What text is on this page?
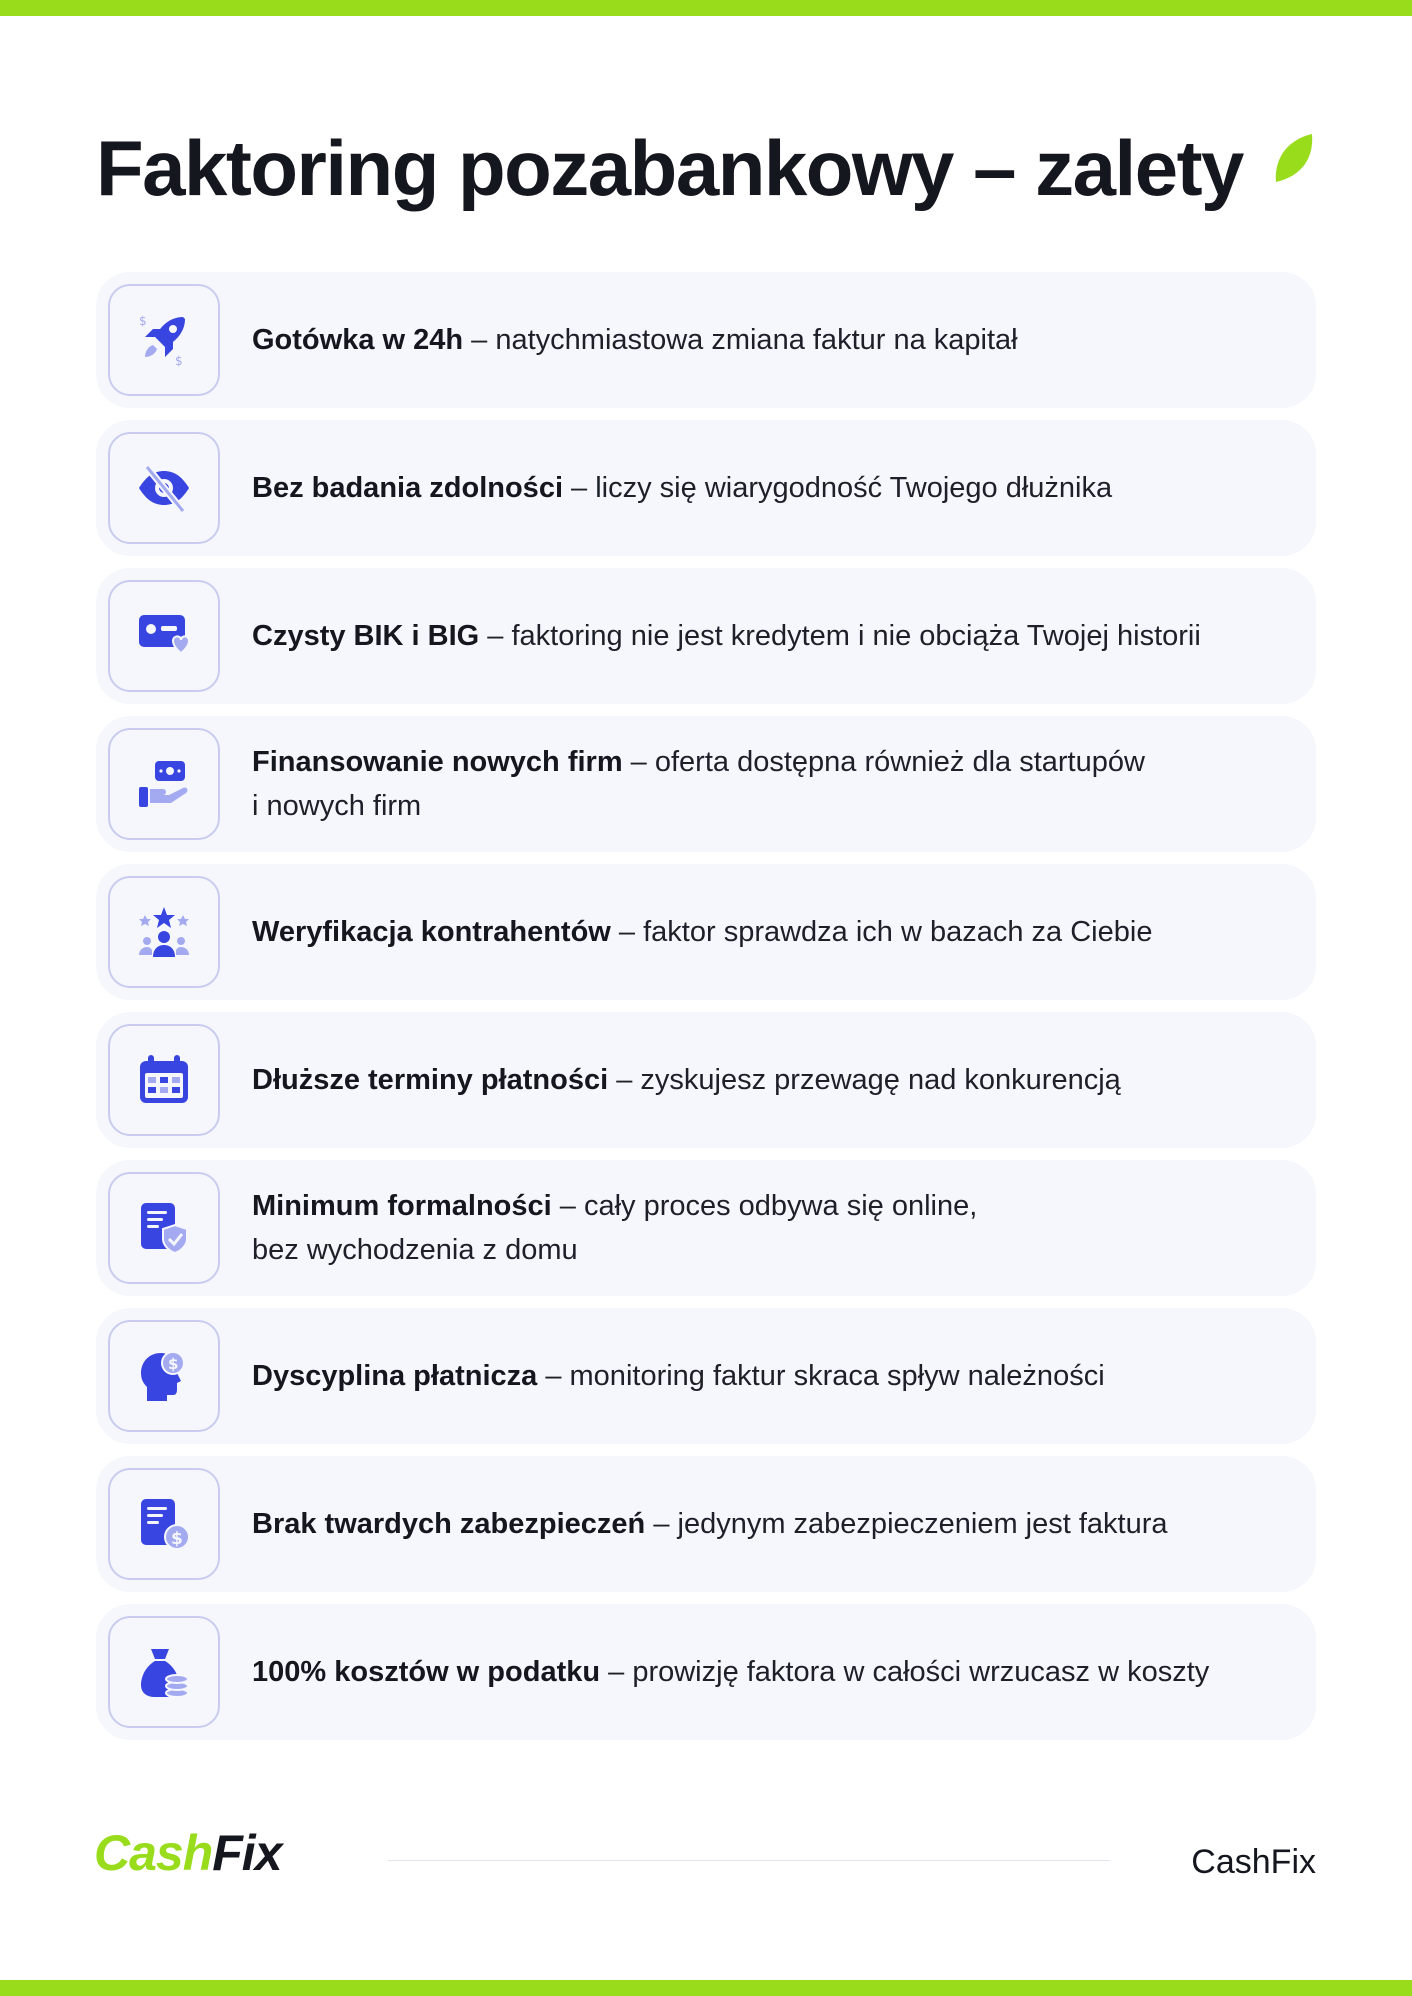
Faktoring pozabankowy – zalety
$
$
Gotówka w 24h – natychmiastowa zmiana faktur na kapitał
Bez badania zdolności – liczy się wiarygodność Twojego dłużnika
Czysty BIK i BIG – faktoring nie jest kredytem i nie obciąża Twojej historii
Finansowanie nowych firm – oferta dostępna również dla startupów
i nowych firm
Weryfikacja kontrahentów – faktor sprawdza ich w bazach za Ciebie
Dłuższe terminy płatności – zyskujesz przewagę nad konkurencją
Minimum formalności – cały proces odbywa się online,
bez wychodzenia z domu
$	Dyscyplina płatnicza – monitoring faktur skraca spływ należności
$ Brak twardych zabezpieczeń – jedynym zabezpieczeniem jest faktura
100% kosztów w podatku – prowizję faktora w całości wrzucasz w koszty
CashFix	CashFix
